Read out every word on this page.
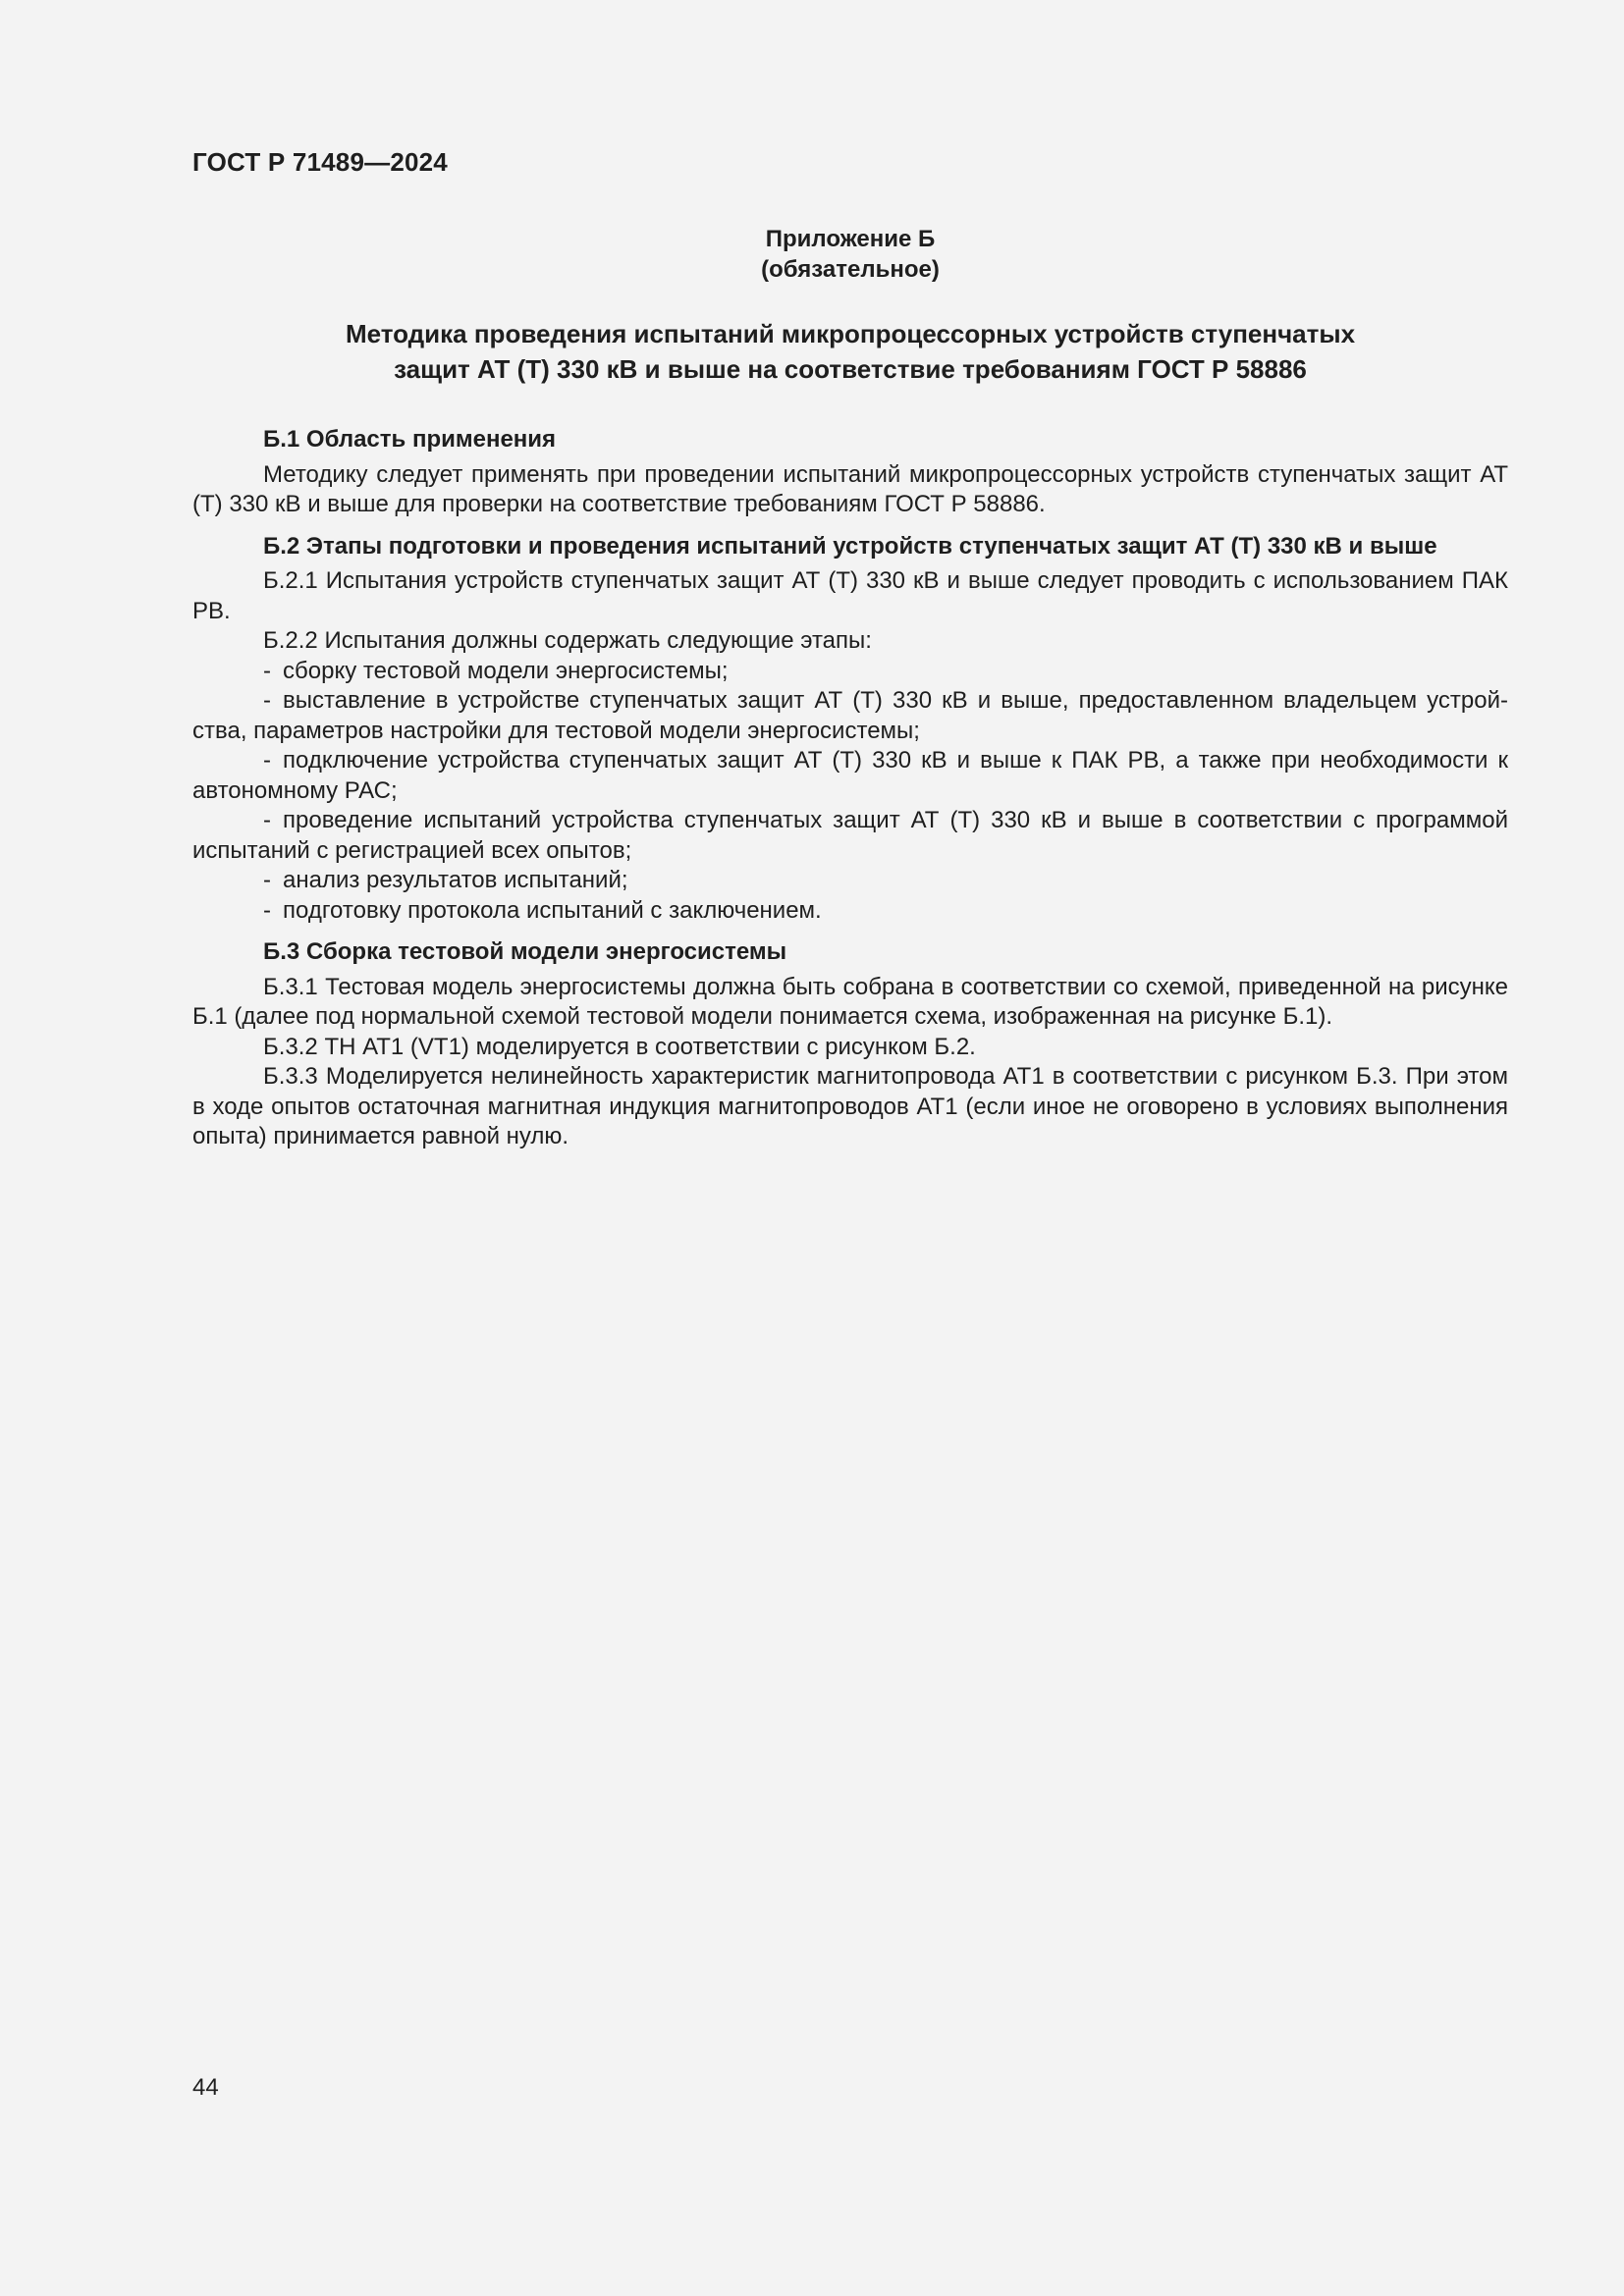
ГОСТ Р 71489—2024
Приложение Б
(обязательное)
Методика проведения испытаний микропроцессорных устройств ступенчатых
защит АТ (Т) 330 кВ и выше на соответствие требованиям ГОСТ Р 58886
Б.1 Область применения

Методику следует применять при проведении испытаний микропроцессорных устройств ступенчатых защит АТ (Т) 330 кВ и выше для проверки на соответствие требованиям ГОСТ Р 58886.

Б.2 Этапы подготовки и проведения испытаний устройств ступенчатых защит АТ (Т) 330 кВ и выше

Б.2.1 Испытания устройств ступенчатых защит АТ (Т) 330 кВ и выше следует проводить с использованием ПАК РВ.

Б.2.2 Испытания должны содержать следующие этапы:

- сборку тестовой модели энергосистемы;
- выставление в устройстве ступенчатых защит АТ (Т) 330 кВ и выше, предоставленном владельцем устройства, параметров настройки для тестовой модели энергосистемы;
- подключение устройства ступенчатых защит АТ (Т) 330 кВ и выше к ПАК РВ, а также при необходимости к автономному РАС;
- проведение испытаний устройства ступенчатых защит АТ (Т) 330 кВ и выше в соответствии с программой испытаний с регистрацией всех опытов;
- анализ результатов испытаний;
- подготовку протокола испытаний с заключением.
Б.3 Сборка тестовой модели энергосистемы

Б.3.1 Тестовая модель энергосистемы должна быть собрана в соответствии со схемой, приведенной на рисунке Б.1 (далее под нормальной схемой тестовой модели понимается схема, изображенная на рисунке Б.1).

Б.3.2 ТН АТ1 (VT1) моделируется в соответствии с рисунком Б.2.

Б.3.3 Моделируется нелинейность характеристик магнитопровода АТ1 в соответствии с рисунком Б.3. При этом в ходе опытов остаточная магнитная индукция магнитопроводов АТ1 (если иное не оговорено в условиях выполнения опыта) принимается равной нулю.

44
